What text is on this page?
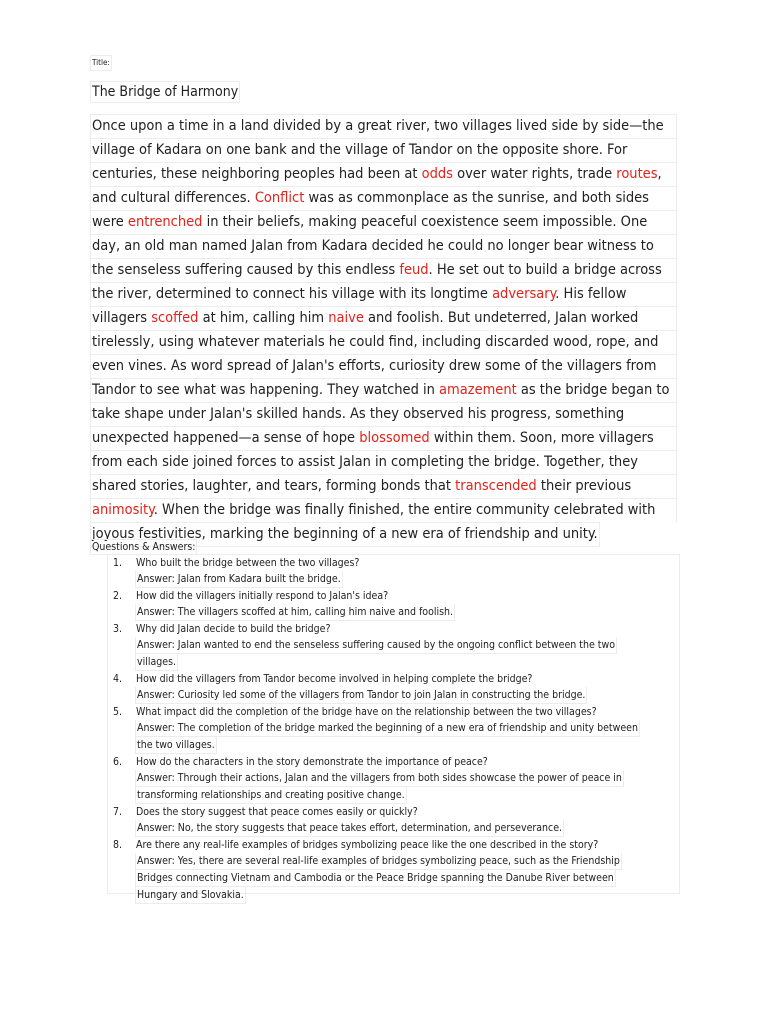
Title:
The Bridge of Harmony
Once upon a time in a land divided by a great river, two villages lived side by side—the
village of Kadara on one bank and the village of Tandor on the opposite shore. For
centuries, these neighboring peoples had been at odds over water rights, trade routes,
and cultural differences. Conflict was as commonplace as the sunrise, and both sides
were entrenched in their beliefs, making peaceful coexistence seem impossible. One
day, an old man named Jalan from Kadara decided he could no longer bear witness to
the senseless suffering caused by this endless feud. He set out to build a bridge across
the river, determined to connect his village with its longtime adversary. His fellow
villagers scoffed at him, calling him naive and foolish. But undeterred, Jalan worked
tirelessly, using whatever materials he could find, including discarded wood, rope, and
even vines. As word spread of Jalan's efforts, curiosity drew some of the villagers from
Tandor to see what was happening. They watched in amazement as the bridge began to
take shape under Jalan's skilled hands. As they observed his progress, something
unexpected happened—a sense of hope blossomed within them. Soon, more villagers
from each side joined forces to assist Jalan in completing the bridge. Together, they
shared stories, laughter, and tears, forming bonds that transcended their previous
animosity. When the bridge was finally finished, the entire community celebrated with
joyous festivities, marking the beginning of a new era of friendship and unity.
Questions & Answers:
1. Who built the bridge between the two villages?
Answer: Jalan from Kadara built the bridge.
2. How did the villagers initially respond to Jalan's idea?
Answer: The villagers scoffed at him, calling him naive and foolish.
3. Why did Jalan decide to build the bridge?
Answer: Jalan wanted to end the senseless suffering caused by the ongoing conflict between the two
villages.
4. How did the villagers from Tandor become involved in helping complete the bridge?
Answer: Curiosity led some of the villagers from Tandor to join Jalan in constructing the bridge.
5. What impact did the completion of the bridge have on the relationship between the two villages?
Answer: The completion of the bridge marked the beginning of a new era of friendship and unity between
the two villages.
6. How do the characters in the story demonstrate the importance of peace?
Answer: Through their actions, Jalan and the villagers from both sides showcase the power of peace in
transforming relationships and creating positive change.
7. Does the story suggest that peace comes easily or quickly?
Answer: No, the story suggests that peace takes effort, determination, and perseverance.
8. Are there any real-life examples of bridges symbolizing peace like the one described in the story?
Answer: Yes, there are several real-life examples of bridges symbolizing peace, such as the Friendship
Bridges connecting Vietnam and Cambodia or the Peace Bridge spanning the Danube River between
Hungary and Slovakia.
